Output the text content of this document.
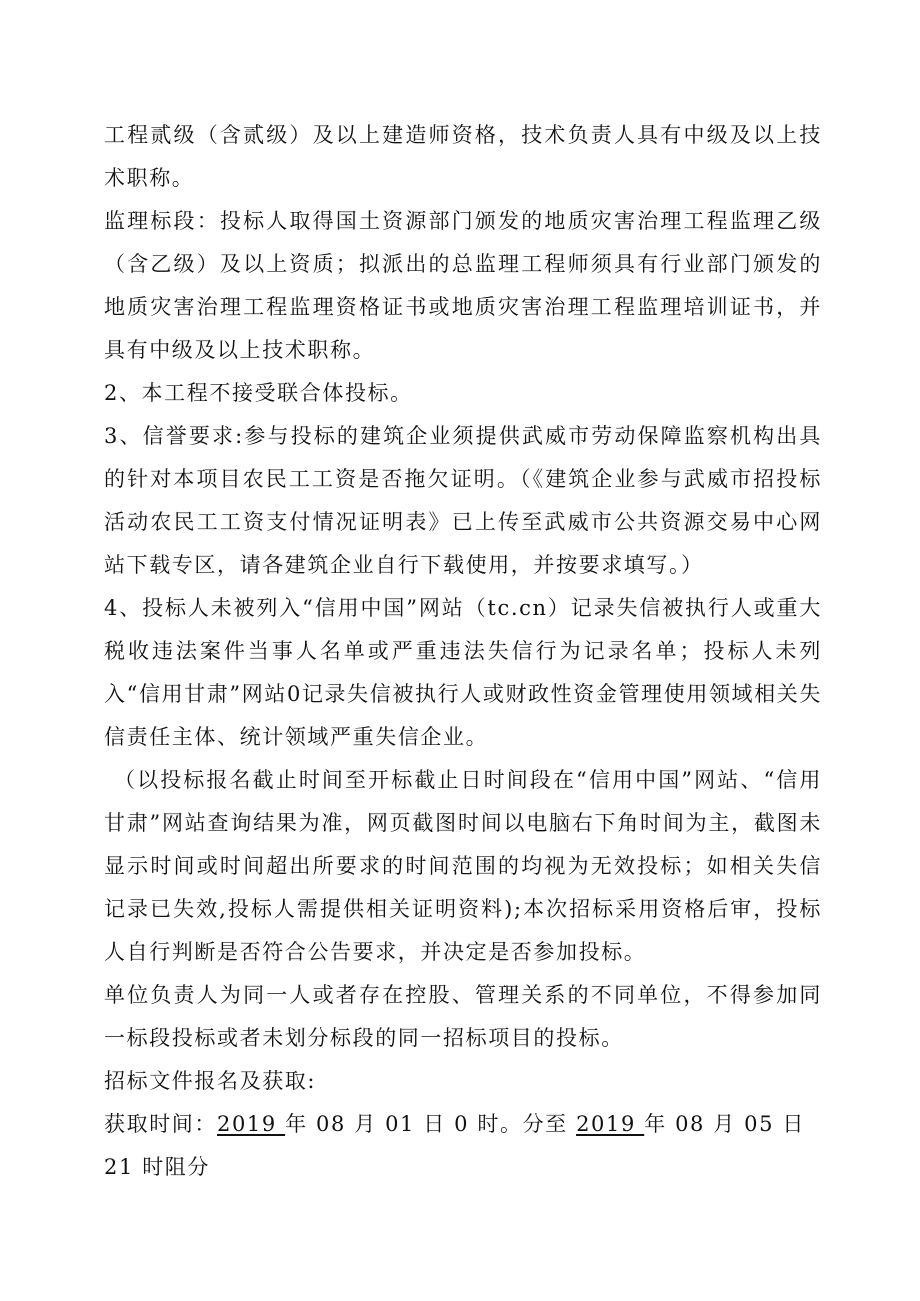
工程贰级（含贰级）及以上建造师资格，技术负责人具有中级及以上技术职称。

监理标段：投标人取得国土资源部门颁发的地质灾害治理工程监理乙级（含乙级）及以上资质；拟派出的总监理工程师须具有行业部门颁发的地质灾害治理工程监理资格证书或地质灾害治理工程监理培训证书，并具有中级及以上技术职称。

2、本工程不接受联合体投标。

3、信誉要求:参与投标的建筑企业须提供武威市劳动保障监察机构出具的针对本项目农民工工资是否拖欠证明。（《建筑企业参与武威市招投标活动农民工工资支付情况证明表》已上传至武威市公共资源交易中心网站下载专区，请各建筑企业自行下载使用，并按要求填写。）

4、投标人未被列入“信用中国”网站（tc.cn）记录失信被执行人或重大税收违法案件当事人名单或严重违法失信行为记录名单；投标人未列入“信用甘肃”网站0记录失信被执行人或财政性资金管理使用领域相关失信责任主体、统计领域严重失信企业。

（以投标报名截止时间至开标截止日时间段在“信用中国”网站、“信用甘肃”网站查询结果为准，网页截图时间以电脑右下角时间为主，截图未显示时间或时间超出所要求的时间范围的均视为无效投标；如相关失信记录已失效,投标人需提供相关证明资料);本次招标采用资格后审，投标人自行判断是否符合公告要求，并决定是否参加投标。

单位负责人为同一人或者存在控股、管理关系的不同单位，不得参加同一标段投标或者未划分标段的同一招标项目的投标。

招标文件报名及获取:

获取时间：2019 年 08 月 01 日 0 时。分至 2019 年 08 月 05 日

21 时阻分
